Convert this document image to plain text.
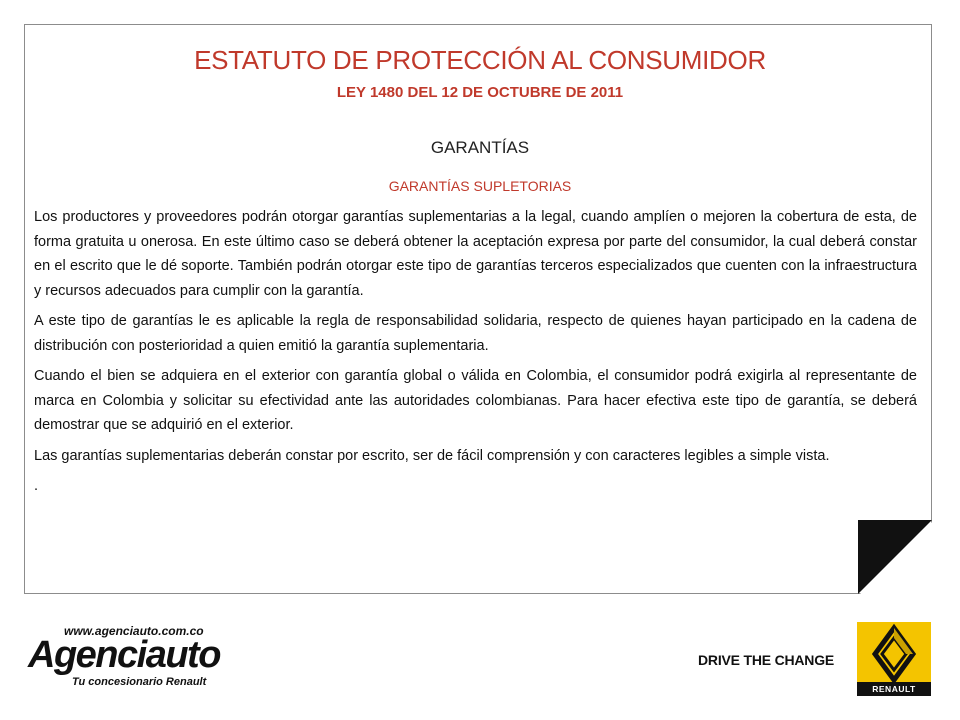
ESTATUTO DE PROTECCIÓN AL CONSUMIDOR
LEY 1480 DEL 12 DE OCTUBRE DE 2011
GARANTÍAS
GARANTÍAS SUPLETORIAS

Los productores y proveedores podrán otorgar garantías suplementarias a la legal, cuando amplíen o mejoren la cobertura de esta, de forma gratuita u onerosa. En este último caso se deberá obtener la aceptación expresa por parte del consumidor, la cual deberá constar en el escrito que le dé soporte. También podrán otorgar este tipo de garantías terceros especializados que cuenten con la infraestructura y recursos adecuados para cumplir con la garantía.

A este tipo de garantías le es aplicable la regla de responsabilidad solidaria, respecto de quienes hayan participado en la cadena de distribución con posterioridad a quien emitió la garantía suplementaria.

Cuando el bien se adquiera en el exterior con garantía global o válida en Colombia, el consumidor podrá exigirla al representante de marca en Colombia y solicitar su efectividad ante las autoridades colombianas. Para hacer efectiva este tipo de garantía, se deberá demostrar que se adquirió en el exterior.

Las garantías suplementarias deberán constar por escrito, ser de fácil comprensión y con caracteres legibles a simple vista.

.

www.agenciauto.com.co
Agenciauto
Tu concesionario Renault
DRIVE THE CHANGE
RENAULT
